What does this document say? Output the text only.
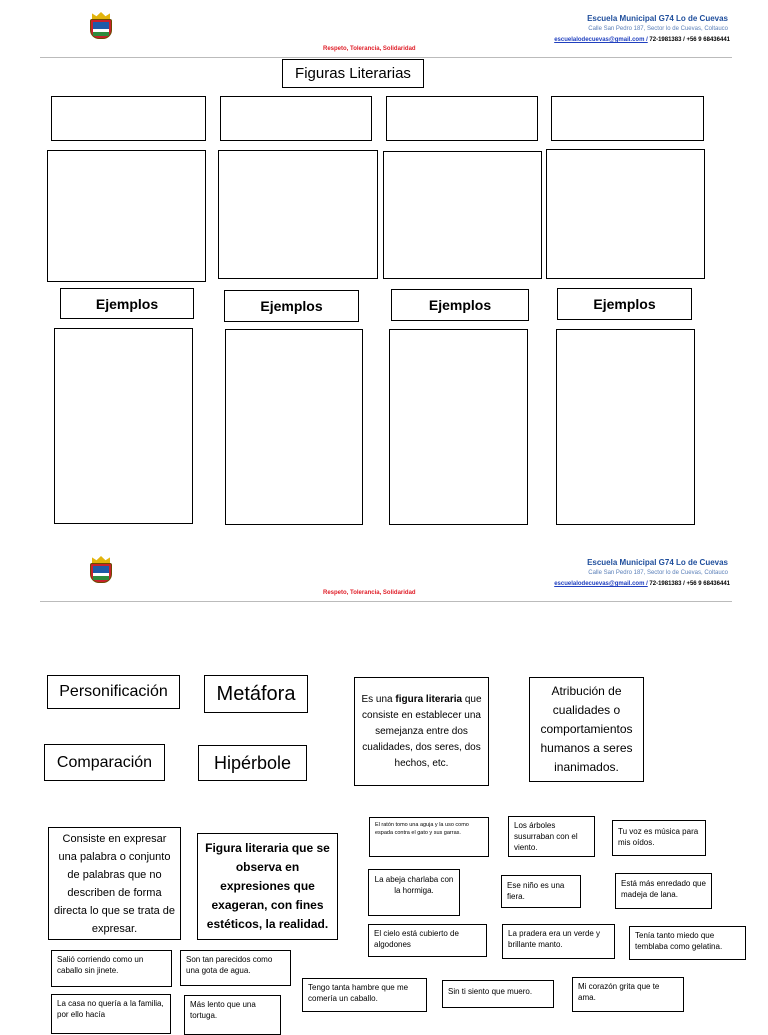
Escuela Municipal G74 Lo de Cuevas
Calle San Pedro 187, Sector lo de Cuevas, Coltauco
escuelalodecuevas@gmail.com / 72-1981383 / +56 9 68436441
Respeto, Tolerancia, Solidaridad
Figuras Literarias
Ejemplos	Ejemplos	Ejemplos	Ejemplos
Escuela Municipal G74 Lo de Cuevas
Calle San Pedro 187, Sector lo de Cuevas, Coltauco
escuelalodecuevas@gmail.com / 72-1981383 / +56 9 68436441
Respeto, Tolerancia, Solidaridad
Personificación	Metáfora
Comparación	Hipérbole
Es una figura literaria que consiste en establecer una semejanza entre dos cualidades, dos seres, dos hechos, etc.
Atribución de cualidades o comportamientos humanos a seres inanimados.
Consiste en expresar una palabra o conjunto de palabras que no describen de forma directa lo que se trata de expresar.
Figura literaria que se observa en expresiones que exageran, con fines estéticos, la realidad.
El ratón tomo una aguja y la uso como espada contra el gato y sus garras.
Los árboles susurraban con el viento.
Tu voz es música para mis oídos.
La abeja charlaba con la hormiga.
Ese niño es una fiera.
Está más enredado que madeja de lana.
El cielo está cubierto de algodones
La pradera era un verde y brillante manto.
Tenía tanto miedo que temblaba como gelatina.
Salió corriendo como un caballo sin jinete.
Son tan parecidos como una gota de agua.
Tengo tanta hambre que me comería un caballo.
Sin ti siento que muero.
Mi corazón grita que te ama.
La casa no quería a la familia, por ello hacía
Más lento que una tortuga.
